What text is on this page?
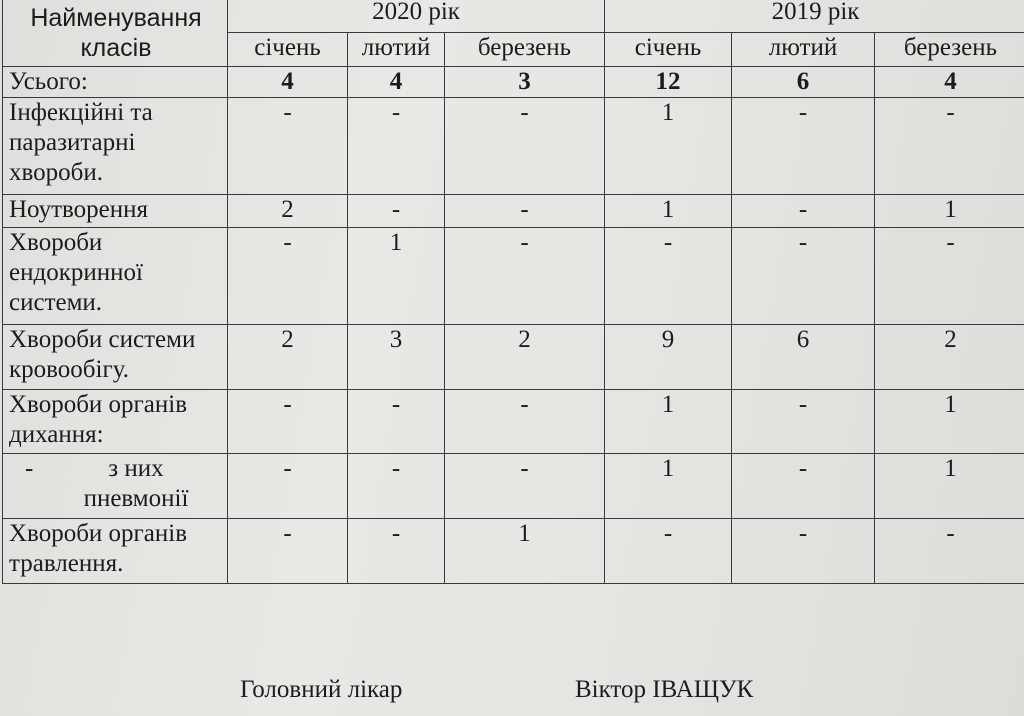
Найменування класів	2020 рік			2019 рік		
	січень	лютий	березень	січень	лютий	березень
Усього:	4	4	3	12	6	4
Інфекційні та паразитарні хвороби.	-	-	-	1	-	-
Ноутворення	2	-	-	1	-	1
Хвороби ендокринної системи.	-	1	-	-	-	-
Хвороби системи кровообігу.	2	3	2	9	6	2
Хвороби органів дихання:	-	-	-	1	-	1
- з них пневмонії	-	-	-	1	-	1
Хвороби органів травлення.	-	-	1	-	-	-
Головний лікар	Віктор ІВАЩУК
